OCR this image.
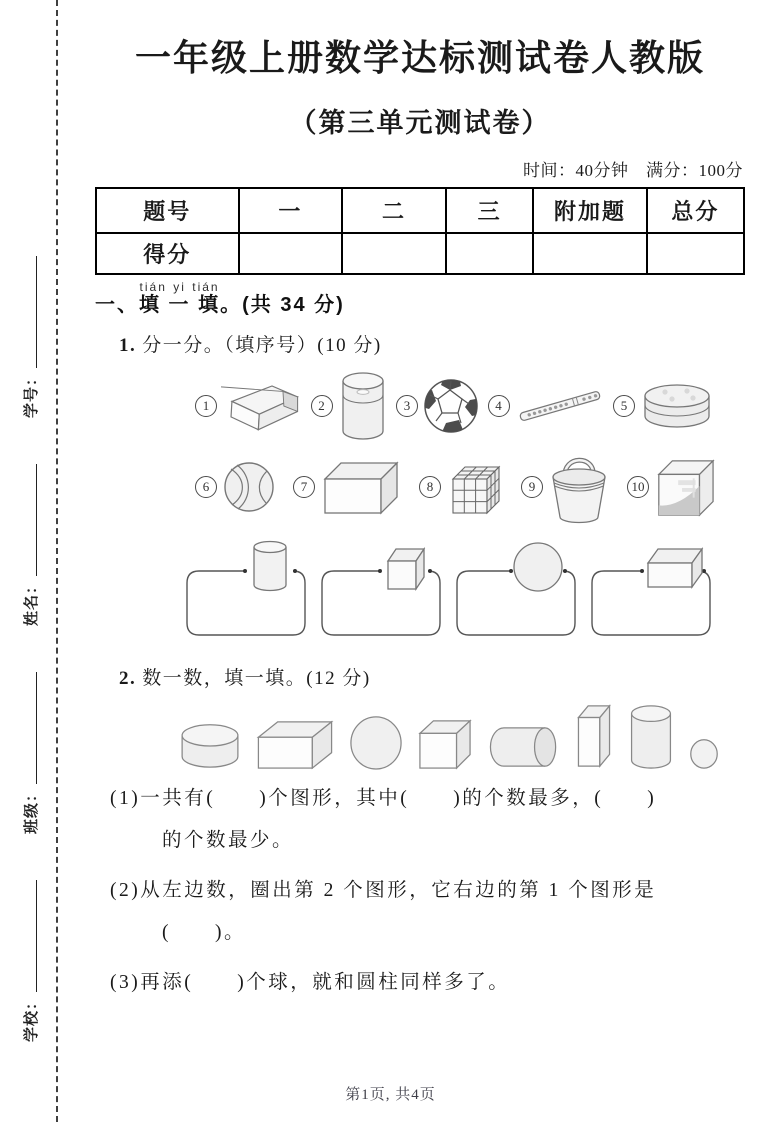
学校：
班级：
姓名：
学号：
一年级上册数学达标测试卷人教版
（第三单元测试卷）
时间：40分钟　满分：100分
题号	一	二	三	附加题	总分
得分					
一、填 一 填tián yi tián。(共 34 分)
1. 分一分。（填序号）(10 分)
1	2	3	4	5
6	7	8	9	10
2. 数一数，填一填。(12 分)
(1)一共有(　　)个图形，其中(　　)的个数最多，(　　)
的个数最少。
(2)从左边数，圈出第 2 个图形，它右边的第 1 个图形是
(　　)。
(3)再添(　　)个球，就和圆柱同样多了。
第1页, 共4页
